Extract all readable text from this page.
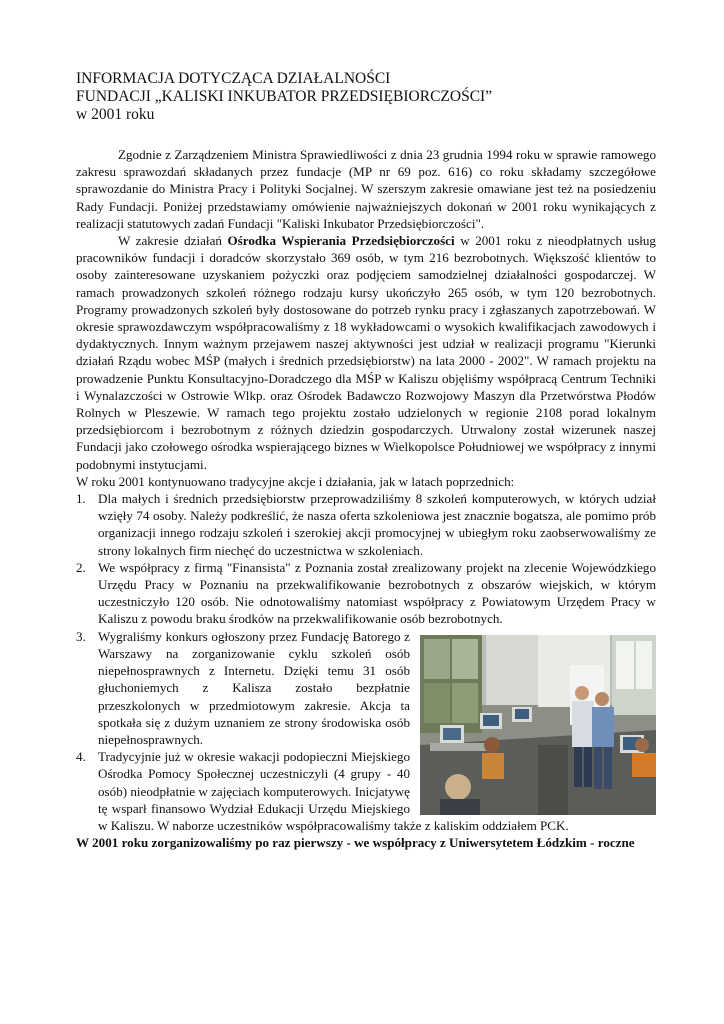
INFORMACJA DOTYCZĄCA DZIAŁALNOŚCI
FUNDACJI „KALISKI INKUBATOR PRZEDSIĘBIORCZOŚCI”
w 2001 roku

Zgodnie z Zarządzeniem Ministra Sprawiedliwości z dnia 23 grudnia 1994 roku w sprawie ramowego zakresu sprawozdań składanych przez fundacje (MP nr 69 poz. 616) co roku składamy szczegółowe sprawozdanie do Ministra Pracy i Polityki Socjalnej. W szerszym zakresie omawiane jest też na posiedzeniu Rady Fundacji. Poniżej przedstawiamy omówienie najważniejszych dokonań w 2001 roku wynikających z realizacji statutowych zadań Fundacji "Kaliski Inkubator Przedsiębiorczości".

W zakresie działań Ośrodka Wspierania Przedsiębiorczości w 2001 roku z nieodpłatnych usług pracowników fundacji i doradców skorzystało 369 osób, w tym 216 bezrobotnych. Większość klientów to osoby zainteresowane uzyskaniem pożyczki oraz podjęciem samodzielnej działalności gospodarczej. W ramach prowadzonych szkoleń różnego rodzaju kursy ukończyło 265 osób, w tym 120 bezrobotnych. Programy prowadzonych szkoleń były dostosowane do potrzeb rynku pracy i zgłaszanych zapotrzebowań. W okresie sprawozdawczym współpracowaliśmy z 18 wykładowcami o wysokich kwalifikacjach zawodowych i dydaktycznych. Innym ważnym przejawem naszej aktywności jest udział w realizacji programu "Kierunki działań Rządu wobec MŚP (małych i średnich przedsiębiorstw) na lata 2000 - 2002". W ramach projektu na prowadzenie Punktu Konsultacyjno-Doradczego dla MŚP w Kaliszu objęliśmy współpracą Centrum Techniki i Wynalazczości w Ostrowie Wlkp. oraz Ośrodek Badawczo Rozwojowy Maszyn dla Przetwórstwa Płodów Rolnych w Pleszewie. W ramach tego projektu zostało udzielonych w regionie 2108 porad lokalnym przedsiębiorcom i bezrobotnym z różnych dziedzin gospodarczych. Utrwalony został wizerunek naszej Fundacji jako czołowego ośrodka wspierającego biznes w Wielkopolsce Południowej we współpracy z innymi podobnymi instytucjami.

W roku 2001 kontynuowano tradycyjne akcje i działania, jak w latach poprzednich:

1. Dla małych i średnich przedsiębiorstw przeprowadziliśmy 8 szkoleń komputerowych, w których udział wzięły 74 osoby. Należy podkreślić, że nasza oferta szkoleniowa jest znacznie bogatsza, ale pomimo prób organizacji innego rodzaju szkoleń i szerokiej akcji promocyjnej w ubiegłym roku zaobserwowaliśmy ze strony lokalnych firm niechęć do uczestnictwa w szkoleniach.
2. We współpracy z firmą "Finansista" z Poznania został zrealizowany projekt na zlecenie Wojewódzkiego Urzędu Pracy w Poznaniu na przekwalifikowanie bezrobotnych z obszarów wiejskich, w którym uczestniczyło 120 osób. Nie odnotowaliśmy natomiast współpracy z Powiatowym Urzędem Pracy w Kaliszu z powodu braku środków na przekwalifikowanie osób bezrobotnych.
3. Wygraliśmy konkurs ogłoszony przez Fundację Batorego z Warszawy na zorganizowanie cyklu szkoleń osób niepełnosprawnych z Internetu. Dzięki temu 31 osób głuchoniemych z Kalisza zostało bezpłatnie przeszkolonych w przedmiotowym zakresie. Akcja ta spotkała się z dużym uznaniem ze strony środowiska osób niepełnosprawnych.
4. Tradycyjnie już w okresie wakacji podopieczni Miejskiego Ośrodka Pomocy Społecznej uczestniczyli (4 grupy - 40 osób) nieodpłatnie w zajęciach komputerowych. Inicjatywę tę wsparł finansowo Wydział Edukacji Urzędu Miejskiego w Kaliszu. W naborze uczestników współpracowaliśmy także z kaliskim oddziałem PCK.

W 2001 roku zorganizowaliśmy po raz pierwszy - we współpracy z Uniwersytetem Łódzkim - roczne
